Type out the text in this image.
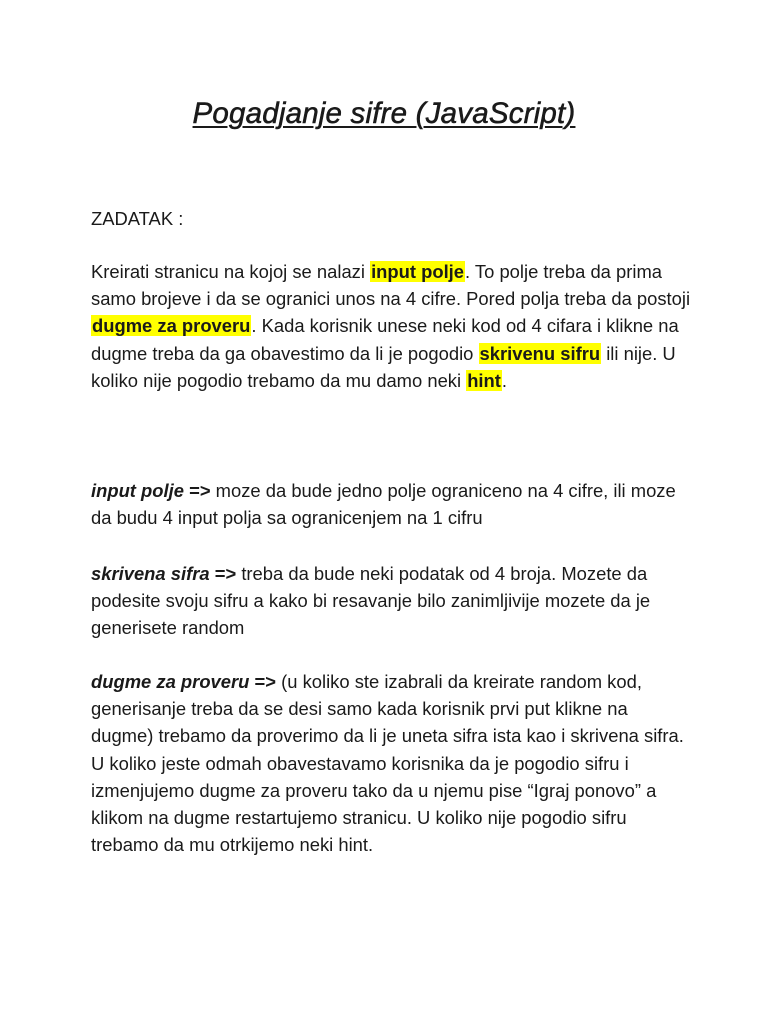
Pogadjanje sifre (JavaScript)

ZADATAK :

Kreirati stranicu na kojoj se nalazi input polje. To polje treba da prima samo brojeve i da se ogranici unos na 4 cifre. Pored polja treba da postoji dugme za proveru. Kada korisnik unese neki kod od 4 cifara i klikne na dugme treba da ga obavestimo da li je pogodio skrivenu sifru ili nije. U koliko nije pogodio trebamo da mu damo neki hint.

input polje => moze da bude jedno polje ograniceno na 4 cifre, ili moze da budu 4 input polja sa ogranicenjem na 1 cifru

skrivena sifra => treba da bude neki podatak od 4 broja. Mozete da podesite svoju sifru a kako bi resavanje bilo zanimljivije mozete da je generisete random

dugme za proveru => (u koliko ste izabrali da kreirate random kod, generisanje treba da se desi samo kada korisnik prvi put klikne na dugme) trebamo da proverimo da li je uneta sifra ista kao i skrivena sifra. U koliko jeste odmah obavestavamo korisnika da je pogodio sifru i izmenjujemo dugme za proveru tako da u njemu pise “Igraj ponovo” a klikom na dugme restartujemo stranicu. U koliko nije pogodio sifru trebamo da mu otrkijemo neki hint.
